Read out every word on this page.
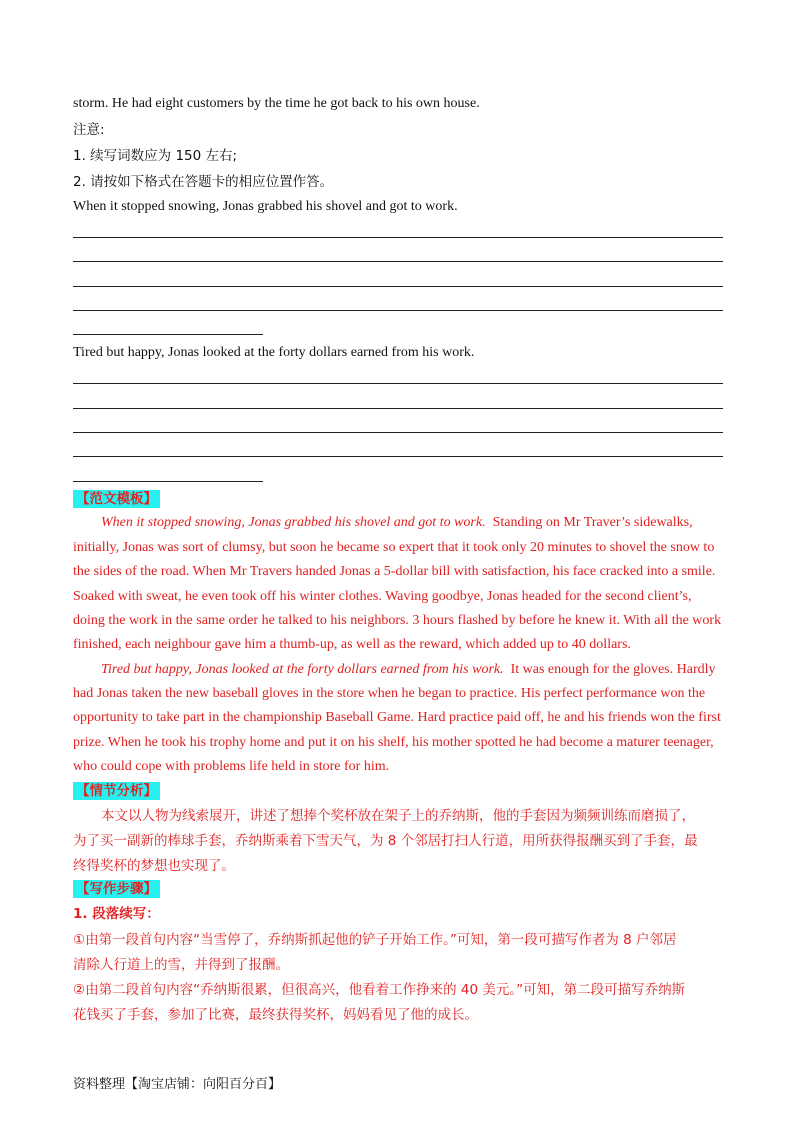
storm. He had eight customers by the time he got back to his own house.
注意:
1. 续写词数应为 150 左右;
2. 请按如下格式在答题卡的相应位置作答。
When it stopped snowing, Jonas grabbed his shovel and got to work.
Tired but happy, Jonas looked at the forty dollars earned from his work.
【范文模板】
When it stopped snowing, Jonas grabbed his shovel and got to work.  Standing on Mr Traver’s sidewalks,
initially, Jonas was sort of clumsy, but soon he became so expert that it took only 20 minutes to shovel the snow to
the sides of the road. When Mr Travers handed Jonas a 5-dollar bill with satisfaction, his face cracked into a smile.
Soaked with sweat, he even took off his winter clothes. Waving goodbye, Jonas headed for the second client’s,
doing the work in the same order he talked to his neighbors. 3 hours flashed by before he knew it. With all the work
finished, each neighbour gave him a thumb-up, as well as the reward, which added up to 40 dollars.
Tired but happy, Jonas looked at the forty dollars earned from his work.  It was enough for the gloves. Hardly
had Jonas taken the new baseball gloves in the store when he began to practice. His perfect performance won the
opportunity to take part in the championship Baseball Game. Hard practice paid off, he and his friends won the first
prize. When he took his trophy home and put it on his shelf, his mother spotted he had become a maturer teenager,
who could cope with problems life held in store for him.
【情节分析】
本文以人物为线索展开，讲述了想捧个奖杯放在架子上的乔纳斯，他的手套因为频频训练而磨损了，
为了买一副新的棒球手套，乔纳斯乘着下雪天气，为 8 个邻居打扫人行道，用所获得报酬买到了手套，最
终得奖杯的梦想也实现了。
【写作步骤】
1. 段落续写：
①由第一段首句内容“当雪停了，乔纳斯抓起他的铲子开始工作。”可知，第一段可描写作者为 8 户邻居
清除人行道上的雪，并得到了报酬。
②由第二段首句内容“乔纳斯很累，但很高兴，他看着工作挣来的 40 美元。”可知，第二段可描写乔纳斯
花钱买了手套，参加了比赛，最终获得奖杯，妈妈看见了他的成长。
资料整理【淘宝店铺：向阳百分百】
